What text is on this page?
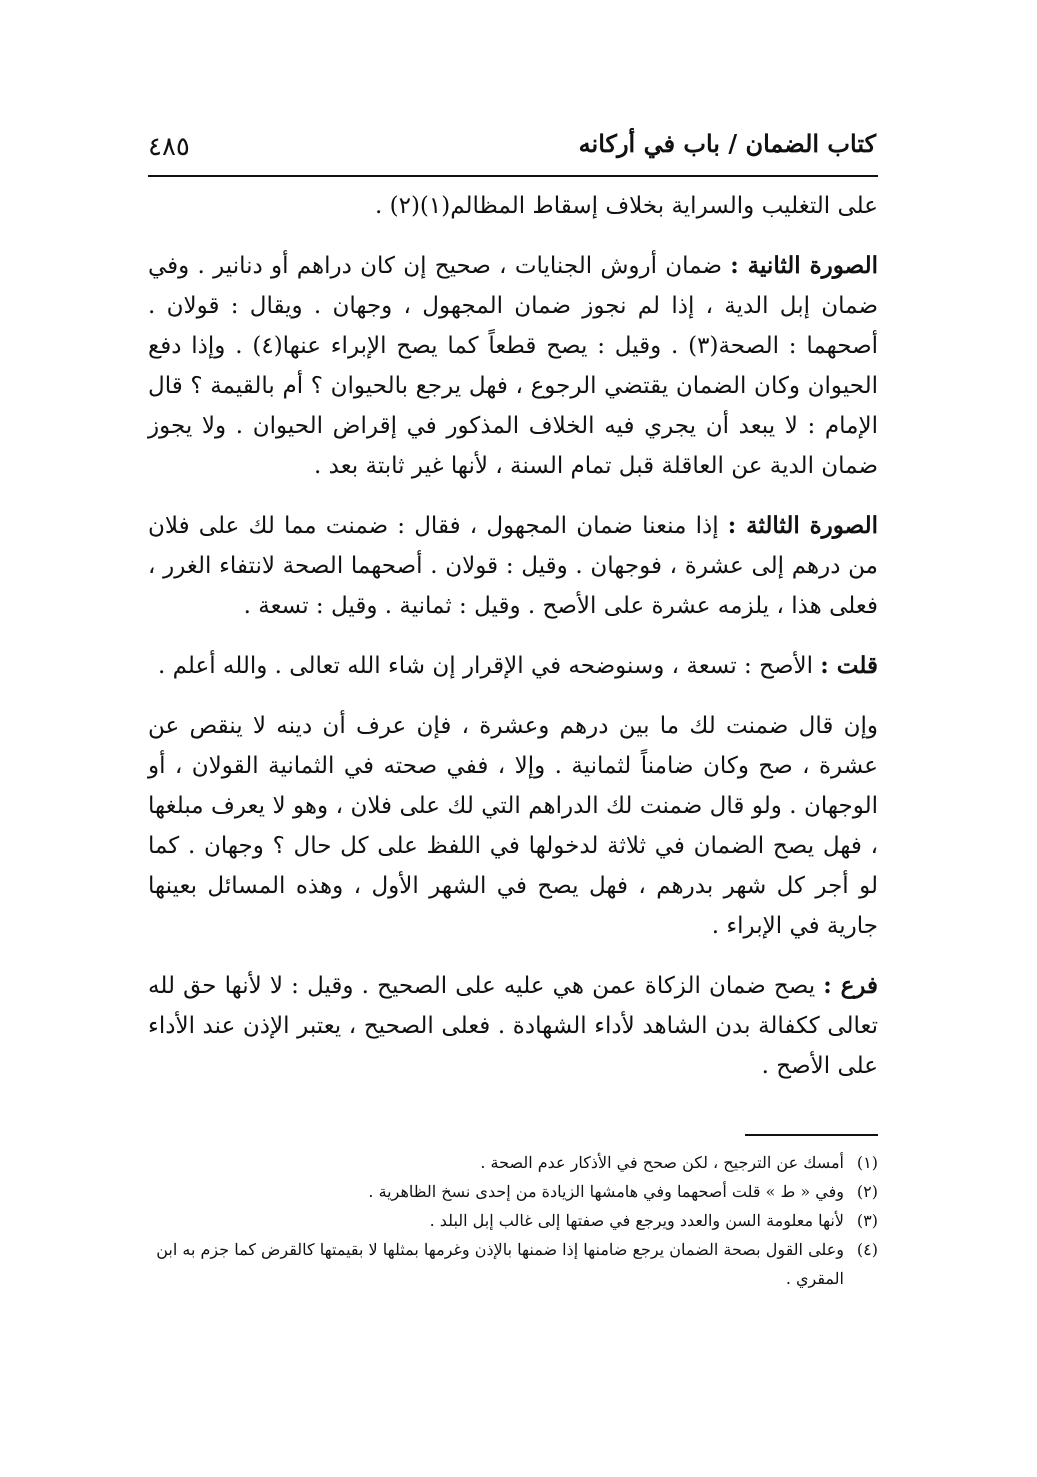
كتاب الضمان / باب في أركانه
٤٨٥

على التغليب والسراية بخلاف إسقاط المظالم(١)(٢) .

الصورة الثانية : ضمان أروش الجنايات ، صحيح إن كان دراهم أو دنانير . وفي ضمان إبل الدية ، إذا لم نجوز ضمان المجهول ، وجهان . ويقال : قولان . أصحهما : الصحة(٣) . وقيل : يصح قطعاً كما يصح الإبراء عنها(٤) . وإذا دفع الحيوان وكان الضمان يقتضي الرجوع ، فهل يرجع بالحيوان ؟ أم بالقيمة ؟ قال الإمام : لا يبعد أن يجري فيه الخلاف المذكور في إقراض الحيوان . ولا يجوز ضمان الدية عن العاقلة قبل تمام السنة ، لأنها غير ثابتة بعد .

الصورة الثالثة : إذا منعنا ضمان المجهول ، فقال : ضمنت مما لك على فلان من درهم إلى عشرة ، فوجهان . وقيل : قولان . أصحهما الصحة لانتفاء الغرر ، فعلى هذا ، يلزمه عشرة على الأصح . وقيل : ثمانية . وقيل : تسعة .

قلت : الأصح : تسعة ، وسنوضحه في الإقرار إن شاء الله تعالى . والله أعلم .

وإن قال ضمنت لك ما بين درهم وعشرة ، فإن عرف أن دينه لا ينقص عن عشرة ، صح وكان ضامناً لثمانية . وإلا ، ففي صحته في الثمانية القولان ، أو الوجهان . ولو قال ضمنت لك الدراهم التي لك على فلان ، وهو لا يعرف مبلغها ، فهل يصح الضمان في ثلاثة لدخولها في اللفظ على كل حال ؟ وجهان . كما لو أجر كل شهر بدرهم ، فهل يصح في الشهر الأول ، وهذه المسائل بعينها جارية في الإبراء .

فرع : يصح ضمان الزكاة عمن هي عليه على الصحيح . وقيل : لا لأنها حق لله تعالى ككفالة بدن الشاهد لأداء الشهادة . فعلى الصحيح ، يعتبر الإذن عند الأداء على الأصح .

(١)
أمسك عن الترجيح ، لكن صحح في الأذكار عدم الصحة .

(٢)
وفي « ط » قلت أصحهما وفي هامشها الزيادة من إحدى نسخ الظاهرية .

(٣)
لأنها معلومة السن والعدد ويرجع في صفتها إلى غالب إبل البلد .

(٤)
وعلى القول بصحة الضمان يرجع ضامنها إذا ضمنها بالإذن وغرمها بمثلها لا بقيمتها كالقرض كما جزم به ابن المقري .
